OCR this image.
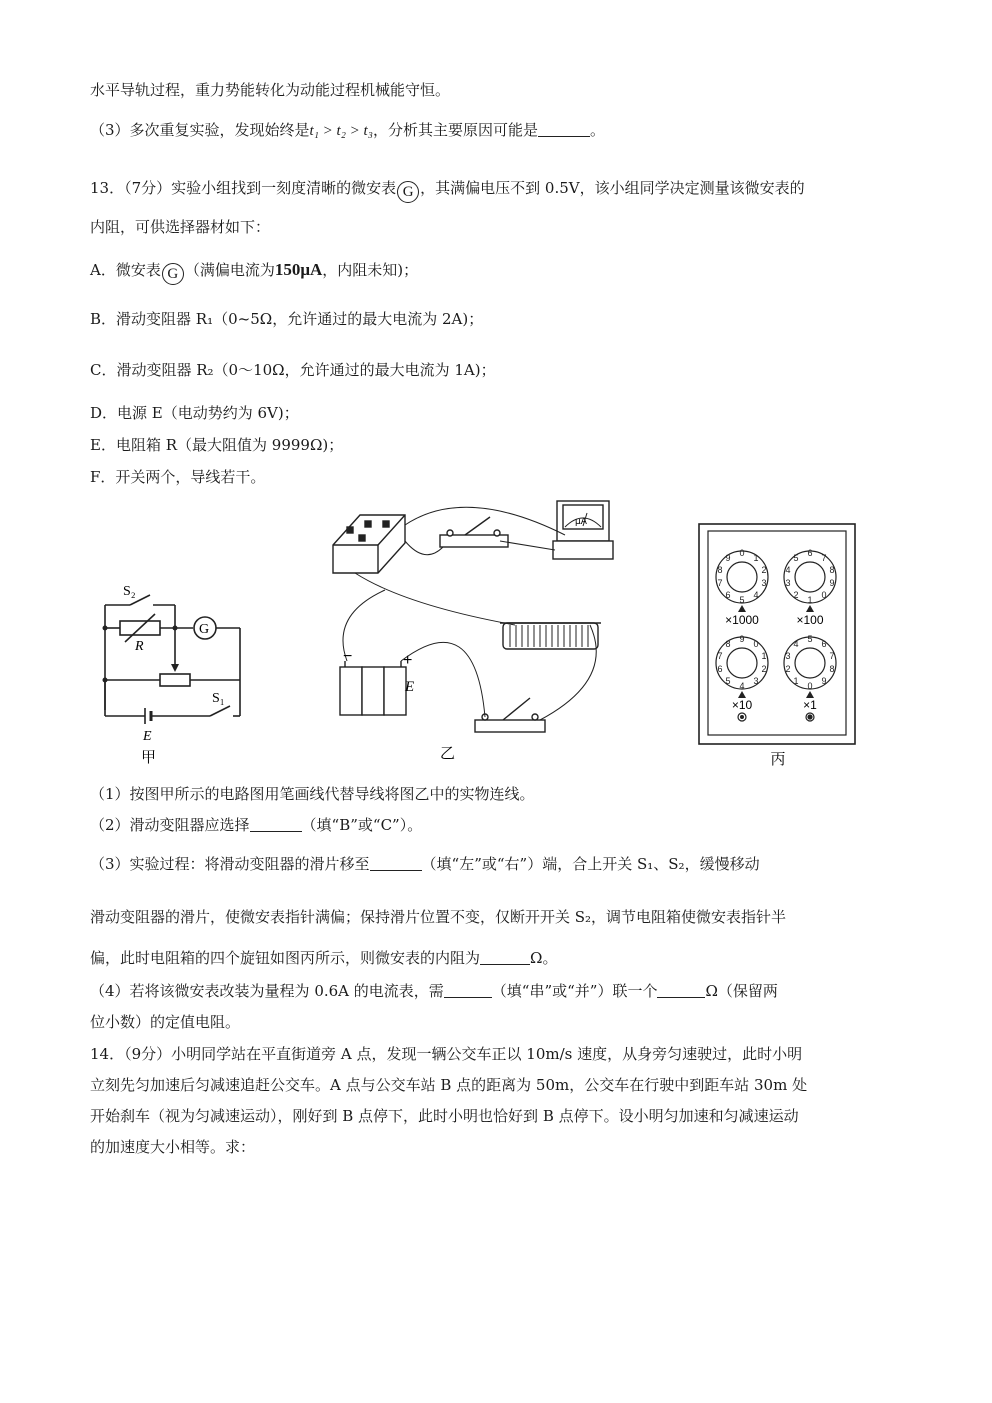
水平导轨过程，重力势能转化为动能过程机械能守恒。
（3）多次重复实验，发现始终是t₁ > t₂ > t₃，分析其主要原因可能是	。
13．（7分）实验小组找到一刻度清晰的微安表 G ，其满偏电压不到 0.5V，该小组同学决定测量该微安表的
内阻，可供选择器材如下：
A．微安表 G （满偏电流为150μA，内阻未知)；
B．滑动变阻器 R₁（0~5Ω，允许通过的最大电流为 2A)；
C．滑动变阻器 R₂（0～10Ω，允许通过的最大电流为 1A)；
D．电源 E（电动势约为 6V)；
E．电阻箱 R（最大阻值为 9999Ω)；
F．开关两个，导线若干。
S₂
R
G
S₁
E
甲
−	+
E
μA
乙
0 1
2
3
4
5
6
7
8
9	6 7
8
9
0
1
2
3
4
5
9 0
1
2
3
4
5
6
7
8	5 6
7
8
9
0
1
2
3
4
×1000	×100
×10	×1
丙
（1）按图甲所示的电路图用笔画线代替导线将图乙中的实物连线。
（2）滑动变阻器应选择	（填“B”或“C”）。
（3）实验过程：将滑动变阻器的滑片移至	（填“左”或“右”）端，合上开关 S₁、S₂，缓慢移动
滑动变阻器的滑片，使微安表指针满偏；保持滑片位置不变，仅断开开关 S₂，调节电阻箱使微安表指针半
偏，此时电阻箱的四个旋钮如图丙所示，则微安表的内阻为	Ω。
（4）若将该微安表改装为量程为 0.6A 的电流表，需	（填“串”或“并”）联一个	Ω（保留两
位小数）的定值电阻。
14．（9分）小明同学站在平直街道旁 A 点，发现一辆公交车正以 10m/s 速度，从身旁匀速驶过，此时小明
立刻先匀加速后匀减速追赶公交车。A 点与公交车站 B 点的距离为 50m，公交车在行驶中到距车站 30m 处
开始刹车（视为匀减速运动），刚好到 B 点停下，此时小明也恰好到 B 点停下。设小明匀加速和匀减速运动
的加速度大小相等。求：
